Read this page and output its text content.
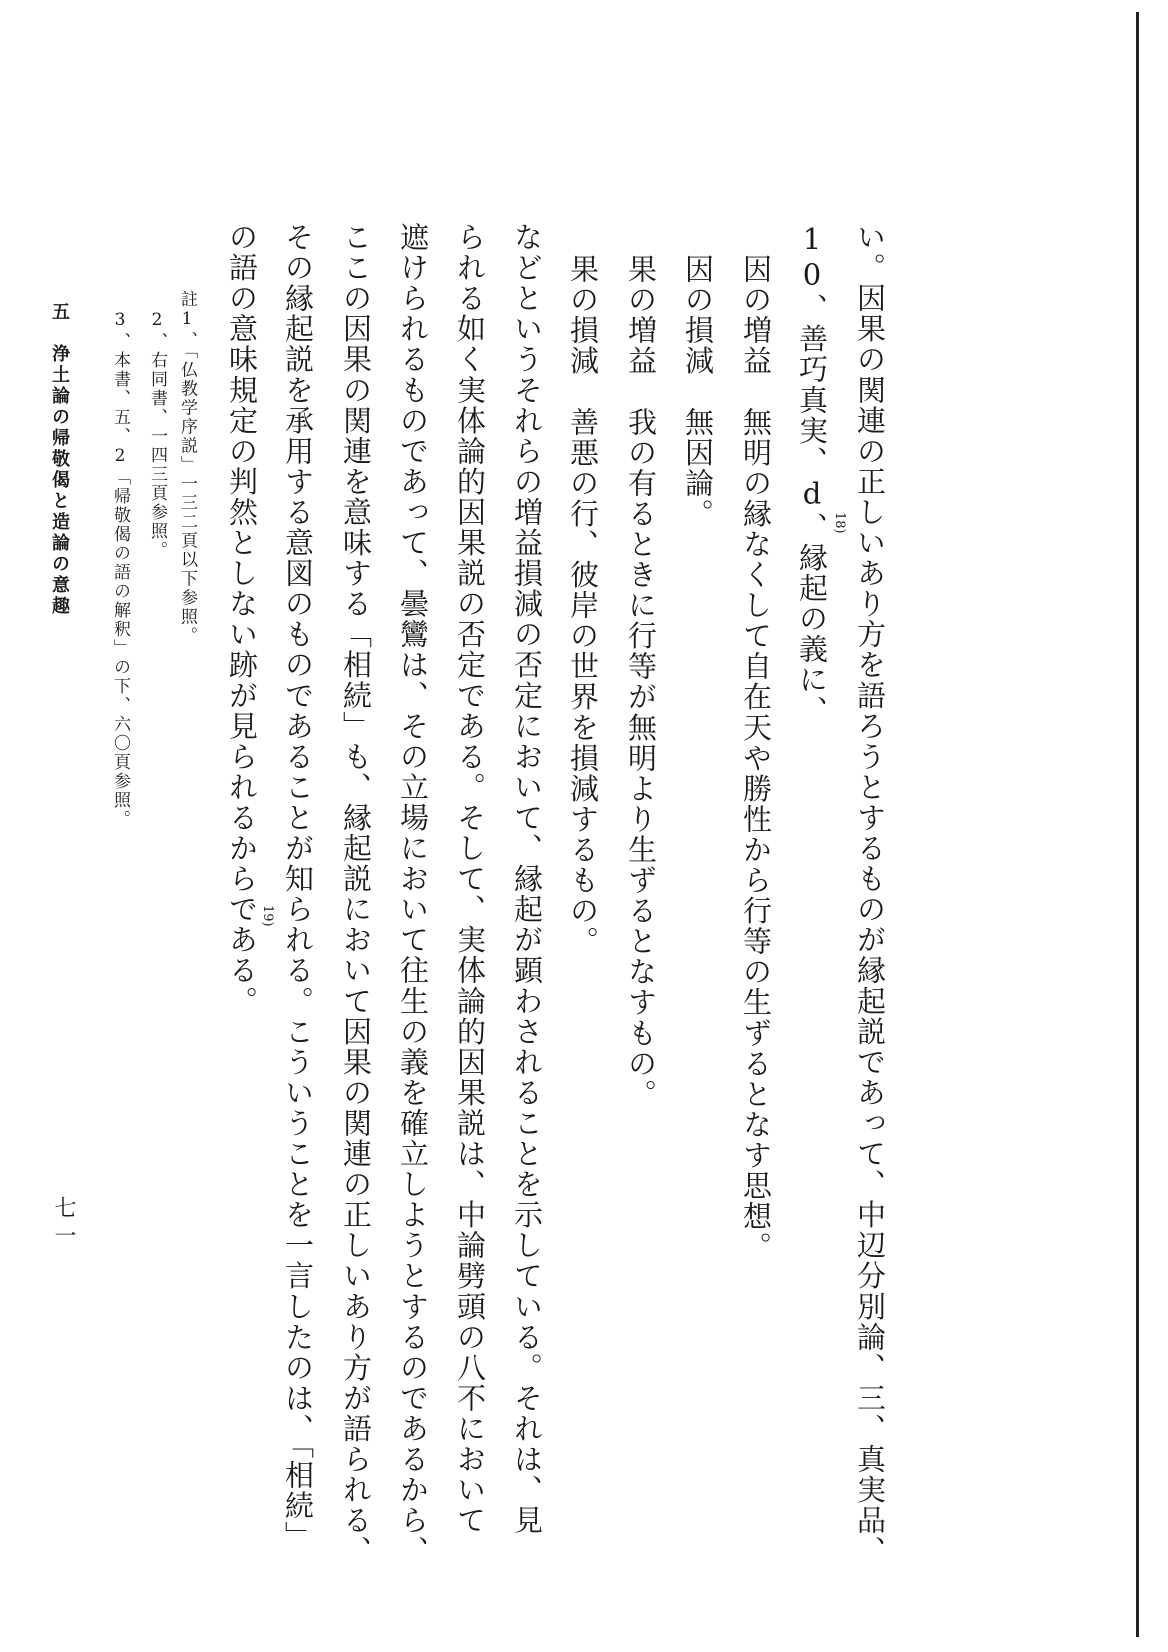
い。因果の関連の正しいあり方を語ろうとするものが縁起説であって、中辺分別論、三、真実品、
10、善巧真実、d、縁起の義に、 18)
因の増益　無明の縁なくして自在天や勝性から行等の生ずるとなす思想。
因の損減　無因論。
果の増益　我の有るときに行等が無明より生ずるとなすもの。
果の損減　善悪の行、彼岸の世界を損減するもの。
などというそれらの増益損減の否定において、縁起が顕わされることを示している。それは、見
られる如く実体論的因果説の否定である。そして、実体論的因果説は、中論劈頭の八不において
遮けられるものであって、曇鸞は、その立場において往生の義を確立しようとするのであるから、
ここの因果の関連を意味する「相続」も、縁起説において因果の関連の正しいあり方が語られる、
その縁起説を承用する意図のものであることが知られる。こういうことを一言したのは、「相続」
の語の意味規定の判然としない跡が見られるからである。 19)
註1、「仏教学序説」一三二頁以下参照。
2、右同書、一四三頁参照。
3、本書、五、2「帰敬偈の語の解釈」の下、六〇頁参照。
五　浄土論の帰敬偈と造論の意趣
七一
